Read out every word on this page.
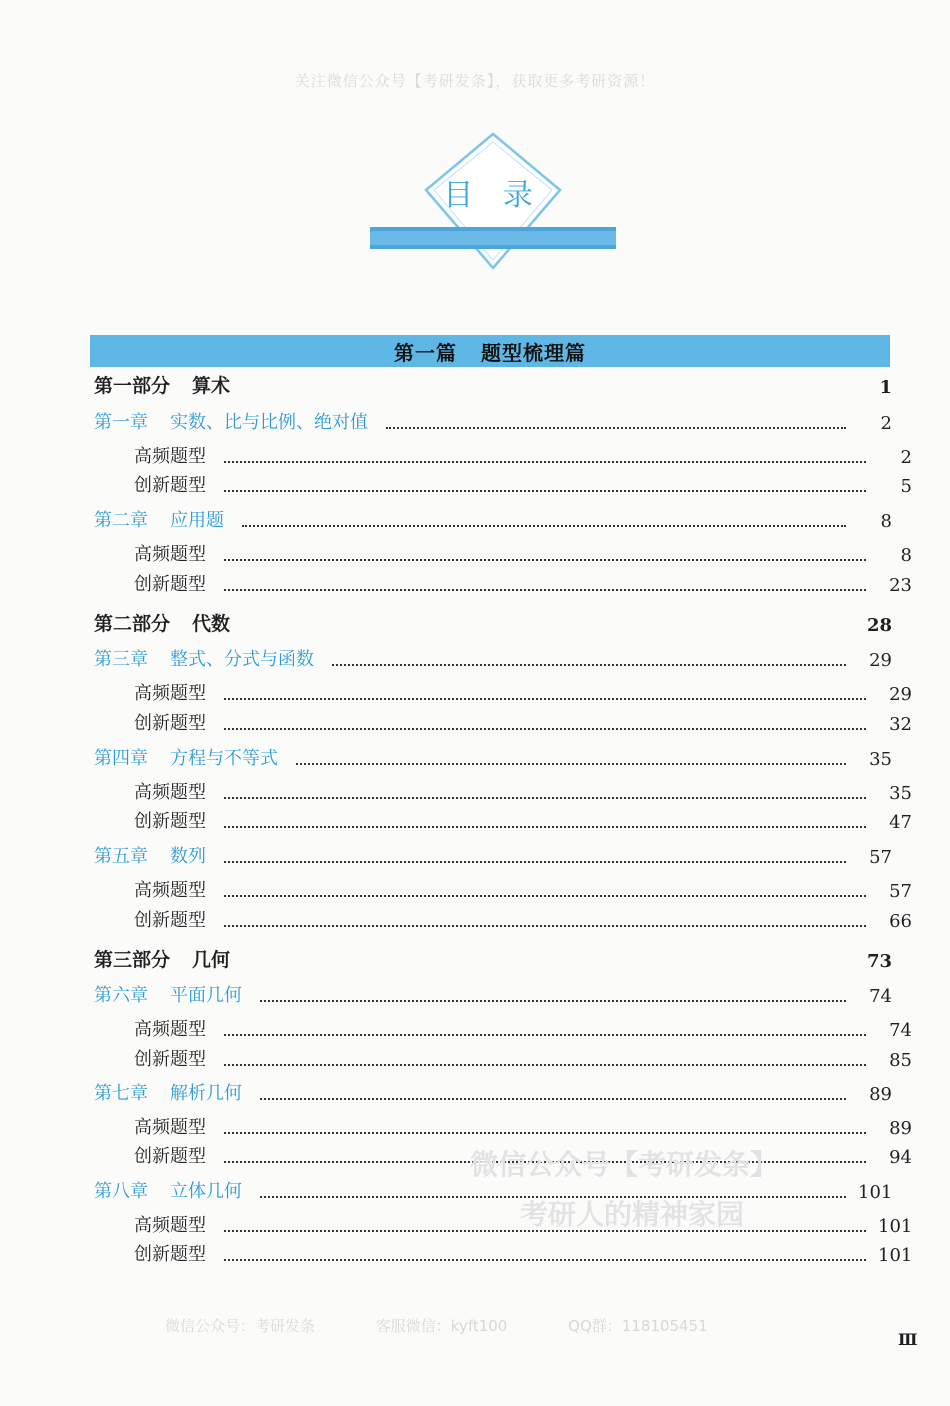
关注微信公众号【考研发条】，获取更多考研资源！
目 录
第一篇 题型梳理篇
第一部分 算术	1
第一章 实数、比与比例、绝对值	2
高频题型	2
创新题型	5
第二章 应用题	8
高频题型	8
创新题型	23
第二部分 代数	28
第三章 整式、分式与函数	29
高频题型	29
创新题型	32
第四章 方程与不等式	35
高频题型	35
创新题型	47
第五章 数列	57
高频题型	57
创新题型	66
第三部分 几何	73
第六章 平面几何	74
高频题型	74
创新题型	85
第七章 解析几何	89
高频题型	89
创新题型	94
第八章 立体几何	101
高频题型	101
创新题型	101
微信公众号【考研发条】
考研人的精神家园
微信公众号：考研发条	客服微信：kyft100	QQ群：118105451
Ⅲ
